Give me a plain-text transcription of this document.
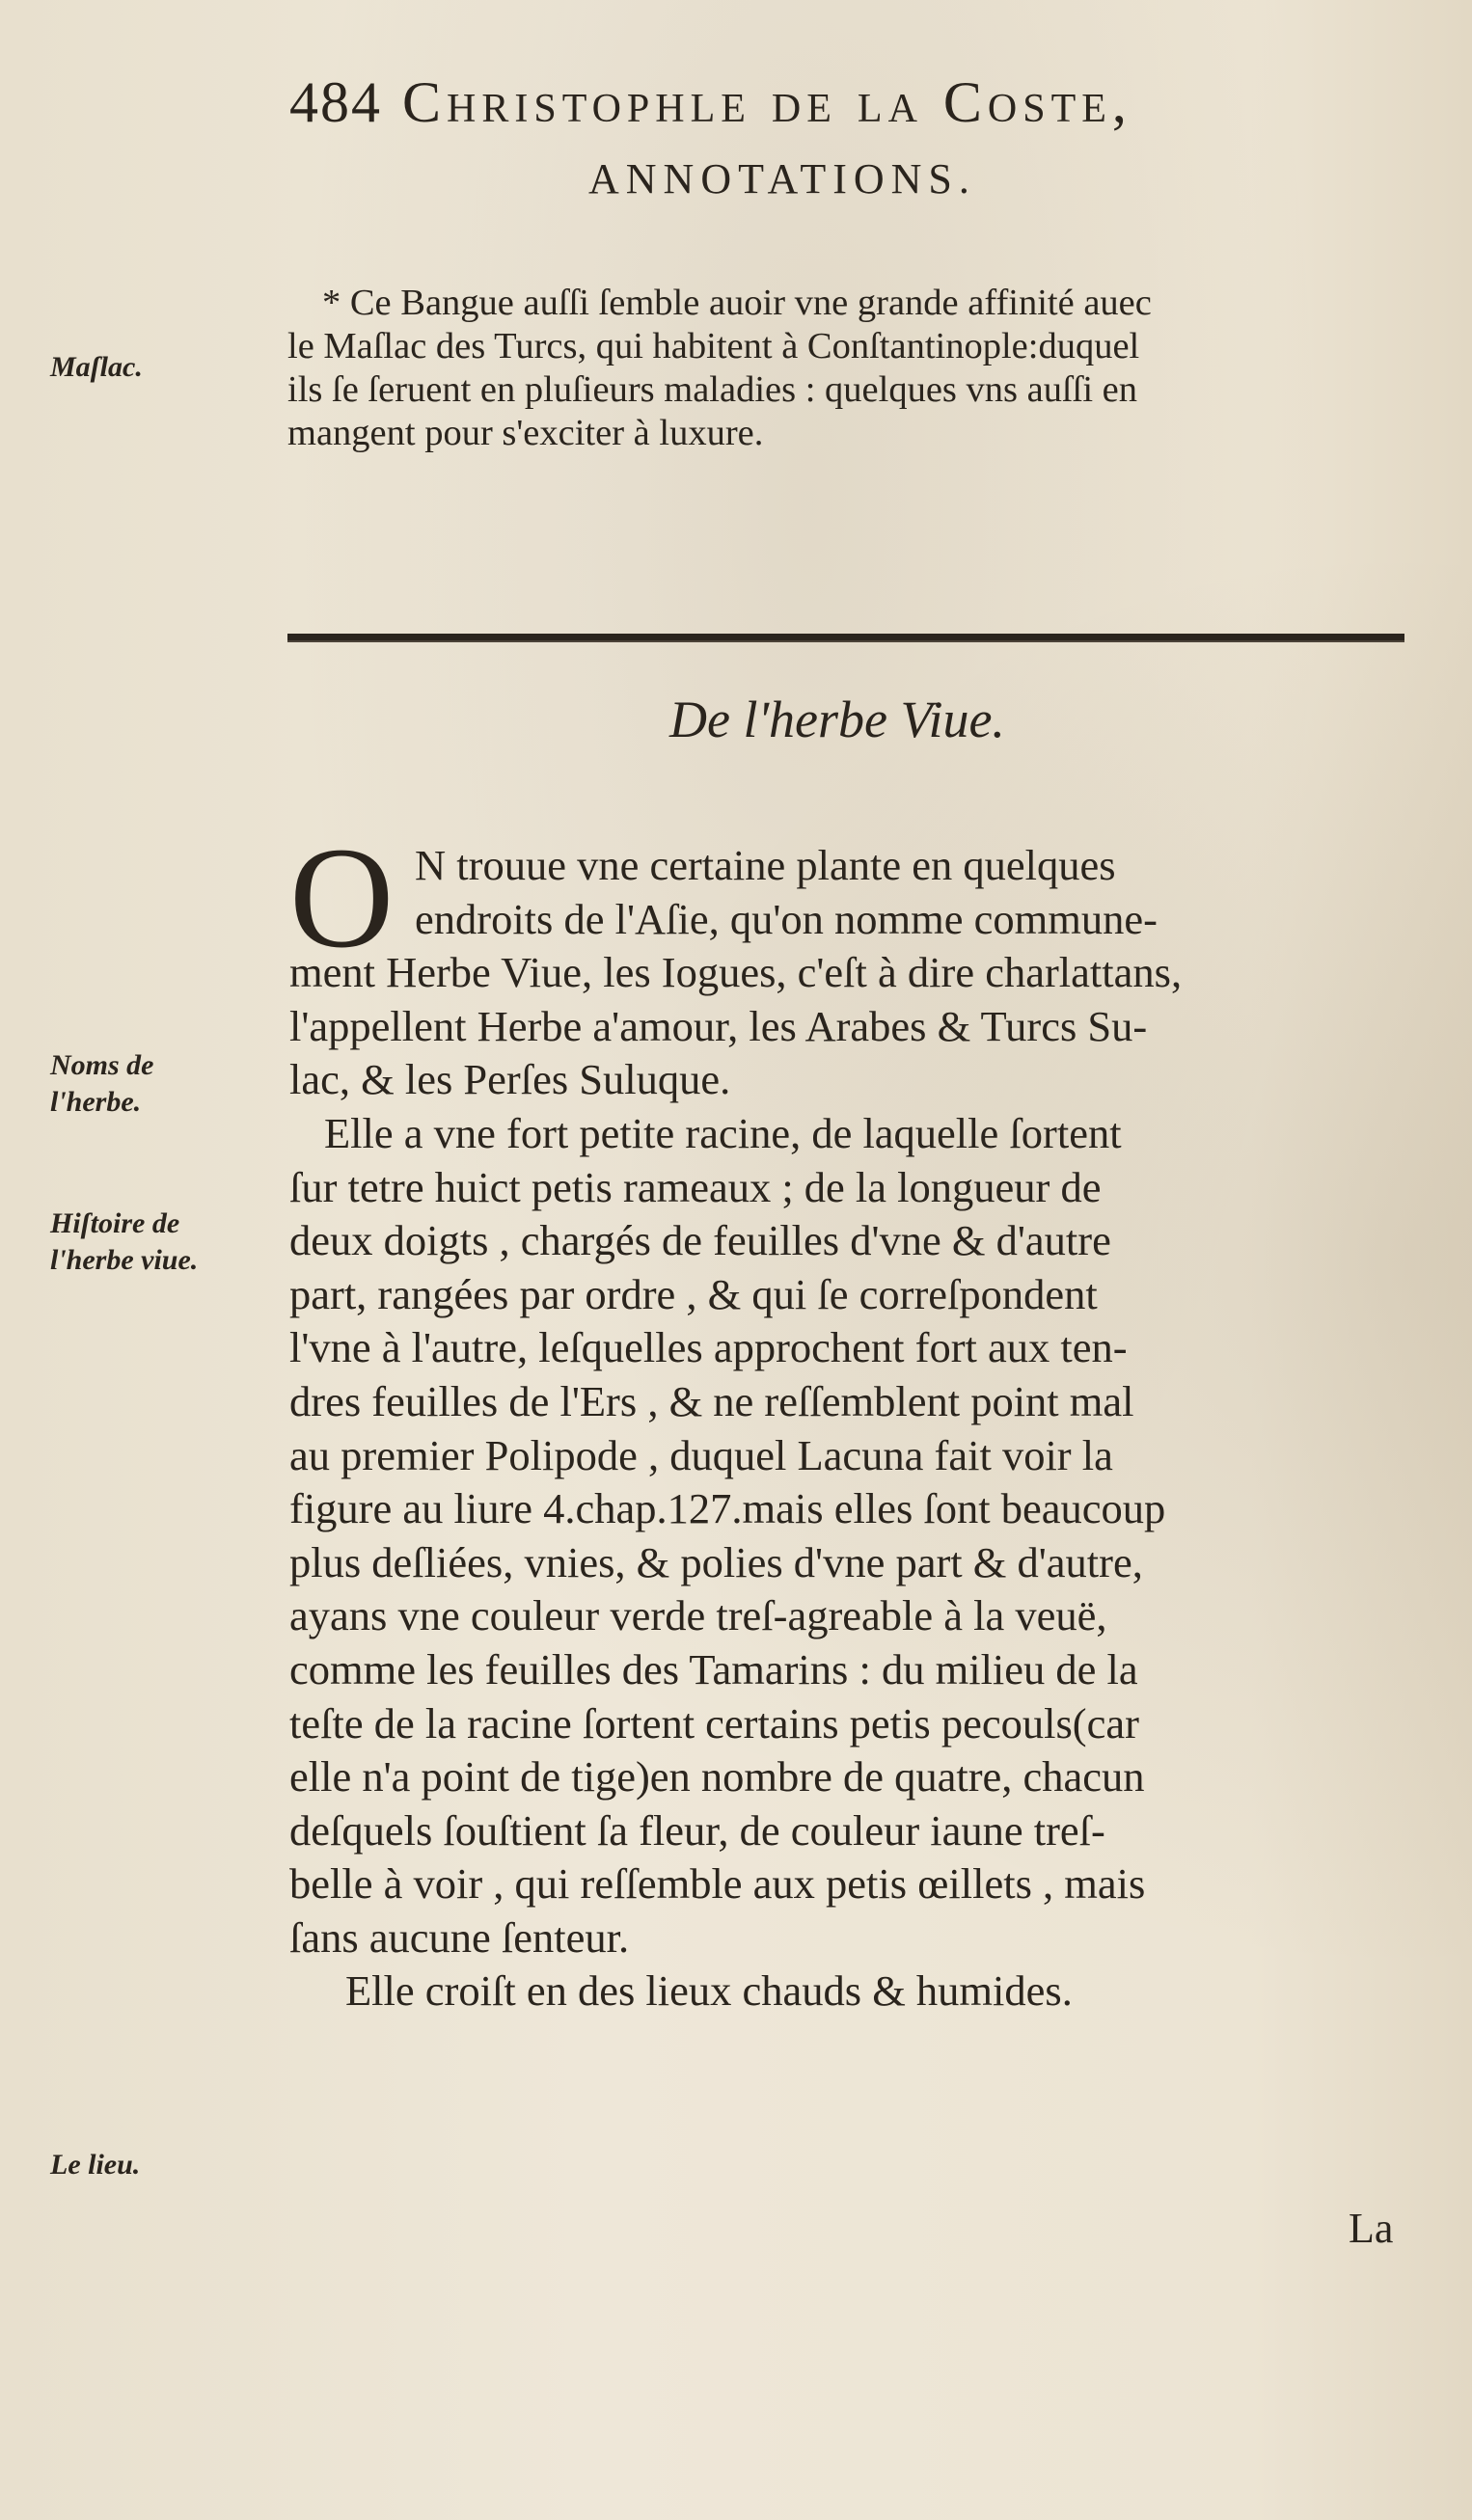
484 Christophle de la Coste,
ANNOTATIONS.
* Ce Bangue auſſi ſemble auoir vne grande affinité auec
le Maſlac des Turcs, qui habitent à Conſtantinople:duquel
ils ſe ſeruent en pluſieurs maladies : quelques vns auſſi en
mangent pour s'exciter à luxure.
Maſlac.
De l'herbe Viue.
O N trouue vne certaine plante en quelques
endroits de l'Aſie, qu'on nomme commune-
ment Herbe Viue, les Iogues, c'eſt à dire charlattans,
l'appellent Herbe a'amour, les Arabes & Turcs Su-
lac, & les Perſes Suluque.
Elle a vne fort petite racine, de laquelle ſortent
ſur tetre huict petis rameaux ; de la longueur de
deux doigts , chargés de feuilles d'vne & d'autre
part, rangées par ordre , & qui ſe correſpondent
l'vne à l'autre, leſquelles approchent fort aux ten-
dres feuilles de l'Ers , & ne reſſemblent point mal
au premier Polipode , duquel Lacuna fait voir la
figure au liure 4.chap.127.mais elles ſont beaucoup
plus deſliées, vnies, & polies d'vne part & d'autre,
ayans vne couleur verde treſ-agreable à la veuë,
comme les feuilles des Tamarins : du milieu de la
teſte de la racine ſortent certains petis pecouls(car
elle n'a point de tige)en nombre de quatre, chacun
deſquels ſouſtient ſa fleur, de couleur iaune treſ-
belle à voir , qui reſſemble aux petis œillets , mais
ſans aucune ſenteur.
Elle croiſt en des lieux chauds & humides.
Noms de
l'herbe.
Hiſtoire de
l'herbe viue.
Le lieu.
La
